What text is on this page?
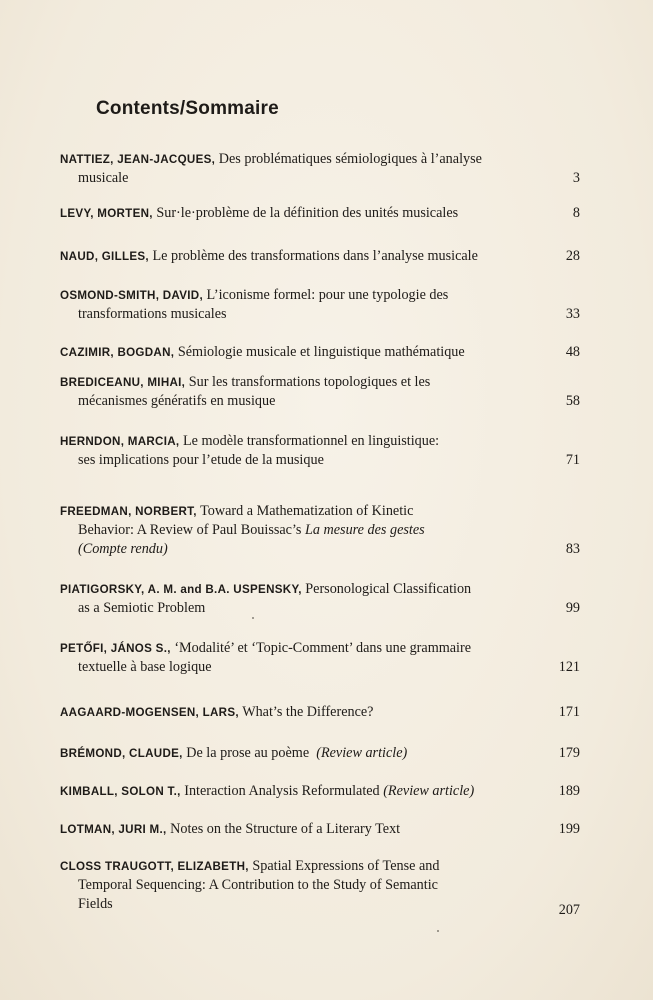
Contents/Sommaire
NATTIEZ, JEAN-JACQUES, Des problématiques sémiologiques à l’analyse
musicale	3
LEVY, MORTEN, Sur·le·problème de la définition des unités musicales	8
NAUD, GILLES, Le problème des transformations dans l’analyse musicale	28
OSMOND-SMITH, DAVID, L’iconisme formel: pour une typologie des
transformations musicales	33
CAZIMIR, BOGDAN, Sémiologie musicale et linguistique mathématique	48
BREDICEANU, MIHAI, Sur les transformations topologiques et les
mécanismes génératifs en musique	58
HERNDON, MARCIA, Le modèle transformationnel en linguistique:
ses implications pour l’etude de la musique	71
FREEDMAN, NORBERT, Toward a Mathematization of Kinetic
Behavior: A Review of Paul Bouissac’s La mesure des gestes
(Compte rendu)	83
PIATIGORSKY, A. M. and B.A. USPENSKY, Personological Classification
as a Semiotic Problem	99
PETŐFI, JÁNOS S., ‘Modalité’ et ‘Topic-Comment’ dans une grammaire
textuelle à base logique	121
AAGAARD-MOGENSEN, LARS, What’s the Difference?	171
BRÉMOND, CLAUDE, De la prose au poème (Review article)	179
KIMBALL, SOLON T., Interaction Analysis Reformulated (Review article)	189
LOTMAN, JURI M., Notes on the Structure of a Literary Text	199
CLOSS TRAUGOTT, ELIZABETH, Spatial Expressions of Tense and
Temporal Sequencing: A Contribution to the Study of Semantic
Fields	207
